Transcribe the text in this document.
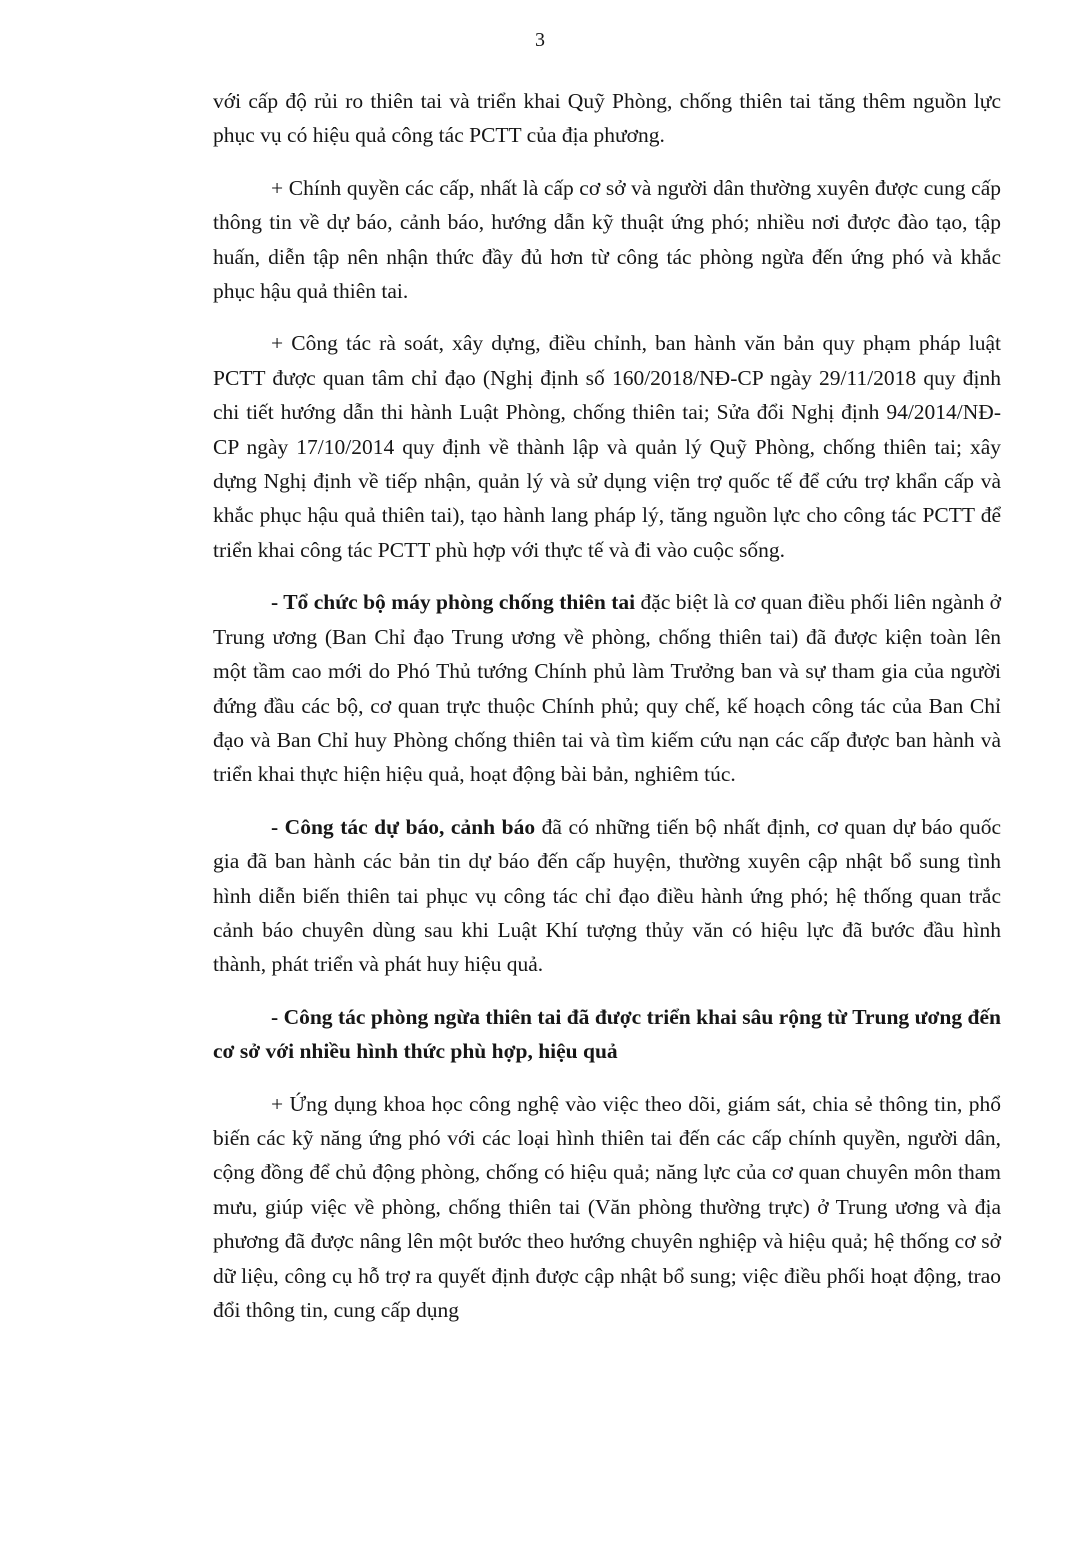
3

với cấp độ rủi ro thiên tai và triển khai Quỹ Phòng, chống thiên tai tăng thêm nguồn lực phục vụ có hiệu quả công tác PCTT của địa phương.

+ Chính quyền các cấp, nhất là cấp cơ sở và người dân thường xuyên được cung cấp thông tin về dự báo, cảnh báo, hướng dẫn kỹ thuật ứng phó; nhiều nơi được đào tạo, tập huấn, diễn tập nên nhận thức đầy đủ hơn từ công tác phòng ngừa đến ứng phó và khắc phục hậu quả thiên tai.

+ Công tác rà soát, xây dựng, điều chỉnh, ban hành văn bản quy phạm pháp luật PCTT được quan tâm chỉ đạo (Nghị định số 160/2018/NĐ-CP ngày 29/11/2018 quy định chi tiết hướng dẫn thi hành Luật Phòng, chống thiên tai; Sửa đổi Nghị định 94/2014/NĐ-CP ngày 17/10/2014 quy định về thành lập và quản lý Quỹ Phòng, chống thiên tai; xây dựng Nghị định về tiếp nhận, quản lý và sử dụng viện trợ quốc tế để cứu trợ khẩn cấp và khắc phục hậu quả thiên tai), tạo hành lang pháp lý, tăng nguồn lực cho công tác PCTT để triển khai công tác PCTT phù hợp với thực tế và đi vào cuộc sống.

- Tổ chức bộ máy phòng chống thiên tai đặc biệt là cơ quan điều phối liên ngành ở Trung ương (Ban Chỉ đạo Trung ương về phòng, chống thiên tai) đã được kiện toàn lên một tầm cao mới do Phó Thủ tướng Chính phủ làm Trưởng ban và sự tham gia của người đứng đầu các bộ, cơ quan trực thuộc Chính phủ; quy chế, kế hoạch công tác của Ban Chỉ đạo và Ban Chỉ huy Phòng chống thiên tai và tìm kiếm cứu nạn các cấp được ban hành và triển khai thực hiện hiệu quả, hoạt động bài bản, nghiêm túc.

- Công tác dự báo, cảnh báo đã có những tiến bộ nhất định, cơ quan dự báo quốc gia đã ban hành các bản tin dự báo đến cấp huyện, thường xuyên cập nhật bổ sung tình hình diễn biến thiên tai phục vụ công tác chỉ đạo điều hành ứng phó; hệ thống quan trắc cảnh báo chuyên dùng sau khi Luật Khí tượng thủy văn có hiệu lực đã bước đầu hình thành, phát triển và phát huy hiệu quả.

- Công tác phòng ngừa thiên tai đã được triển khai sâu rộng từ Trung ương đến cơ sở với nhiều hình thức phù hợp, hiệu quả

+ Ứng dụng khoa học công nghệ vào việc theo dõi, giám sát, chia sẻ thông tin, phổ biến các kỹ năng ứng phó với các loại hình thiên tai đến các cấp chính quyền, người dân, cộng đồng để chủ động phòng, chống có hiệu quả; năng lực của cơ quan chuyên môn tham mưu, giúp việc về phòng, chống thiên tai (Văn phòng thường trực) ở Trung ương và địa phương đã được nâng lên một bước theo hướng chuyên nghiệp và hiệu quả; hệ thống cơ sở dữ liệu, công cụ hỗ trợ ra quyết định được cập nhật bổ sung; việc điều phối hoạt động, trao đổi thông tin, cung cấp dụng
